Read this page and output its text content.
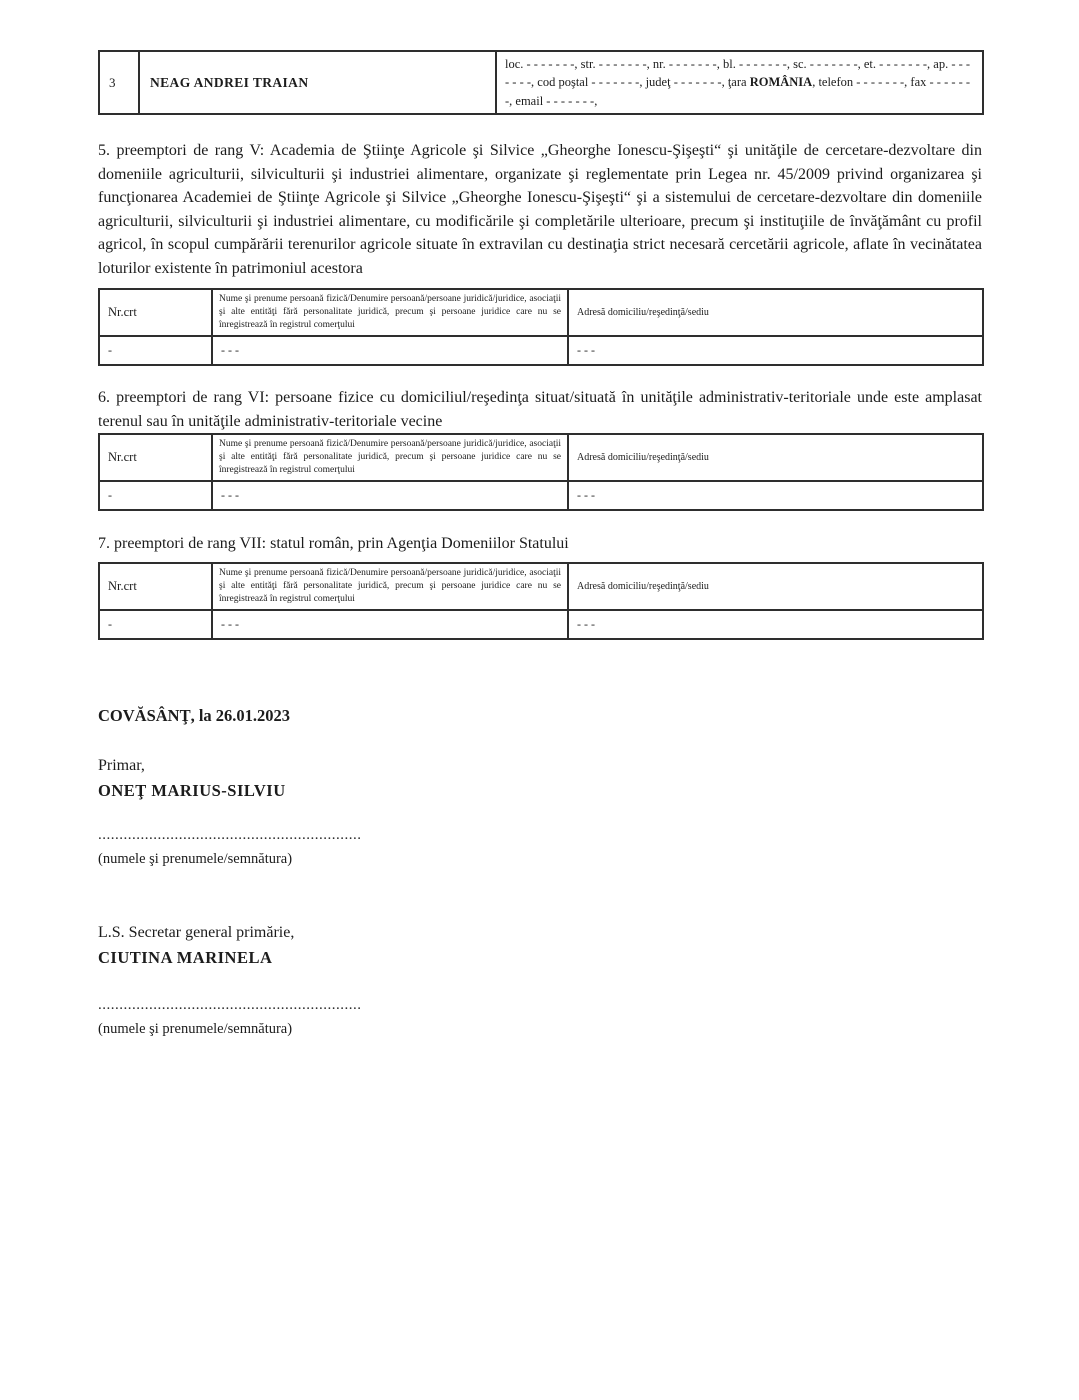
3	NEAG ANDREI TRAIAN	loc. - - - - - - -, str. - - - - - - -, nr. - - - - - - -, bl. - - - - - - -, sc. - - - - - - -, et. - - - - - - -, ap. - - - - - - -, cod poştal - - - - - - -, judeţ - - - - - - -, ţara ROMÂNIA, telefon - - - - - - -, fax - - - - - - -, email - - - - - - -,

5. preemptori de rang V: Academia de Ştiinţe Agricole şi Silvice „Gheorghe Ionescu-Şişeşti“ şi unităţile de cercetare-dezvoltare din domeniile agriculturii, silviculturii şi industriei alimentare, organizate şi reglementate prin Legea nr. 45/2009 privind organizarea şi funcţionarea Academiei de Ştiinţe Agricole şi Silvice „Gheorghe Ionescu-Şişeşti“ şi a sistemului de cercetare-dezvoltare din domeniile agriculturii, silviculturii şi industriei alimentare, cu modificările şi completările ulterioare, precum şi instituţiile de învăţământ cu profil agricol, în scopul cumpărării terenurilor agricole situate în extravilan cu destinaţia strict necesară cercetării agricole, aflate în vecinătatea loturilor existente în patrimoniul acestora

Nr.crt	Nume şi prenume persoană fizică/Denumire persoană/persoane juridică/juridice, asociaţii şi alte entităţi fără personalitate juridică, precum şi persoane juridice care nu se înregistrează în registrul comerţului	Adresă domiciliu/reşedinţă/sediu
-	- - -	- - -

6. preemptori de rang VI: persoane fizice cu domiciliul/reşedinţa situat/situată în unităţile administrativ-teritoriale unde este amplasat terenul sau în unităţile administrativ-teritoriale vecine

Nr.crt	Nume şi prenume persoană fizică/Denumire persoană/persoane juridică/juridice, asociaţii şi alte entităţi fără personalitate juridică, precum şi persoane juridice care nu se înregistrează în registrul comerţului	Adresă domiciliu/reşedinţă/sediu
-	- - -	- - -

7. preemptori de rang VII: statul român, prin Agenţia Domeniilor Statului

Nr.crt	Nume şi prenume persoană fizică/Denumire persoană/persoane juridică/juridice, asociaţii şi alte entităţi fără personalitate juridică, precum şi persoane juridice care nu se înregistrează în registrul comerţului	Adresă domiciliu/reşedinţă/sediu
-	- - -	- - -
COVĂSÂNŢ, la 26.01.2023
Primar,
ONEŢ MARIUS-SILVIU
..............................................................
(numele şi prenumele/semnătura)
L.S. Secretar general primărie,
CIUTINA MARINELA
..............................................................
(numele şi prenumele/semnătura)
